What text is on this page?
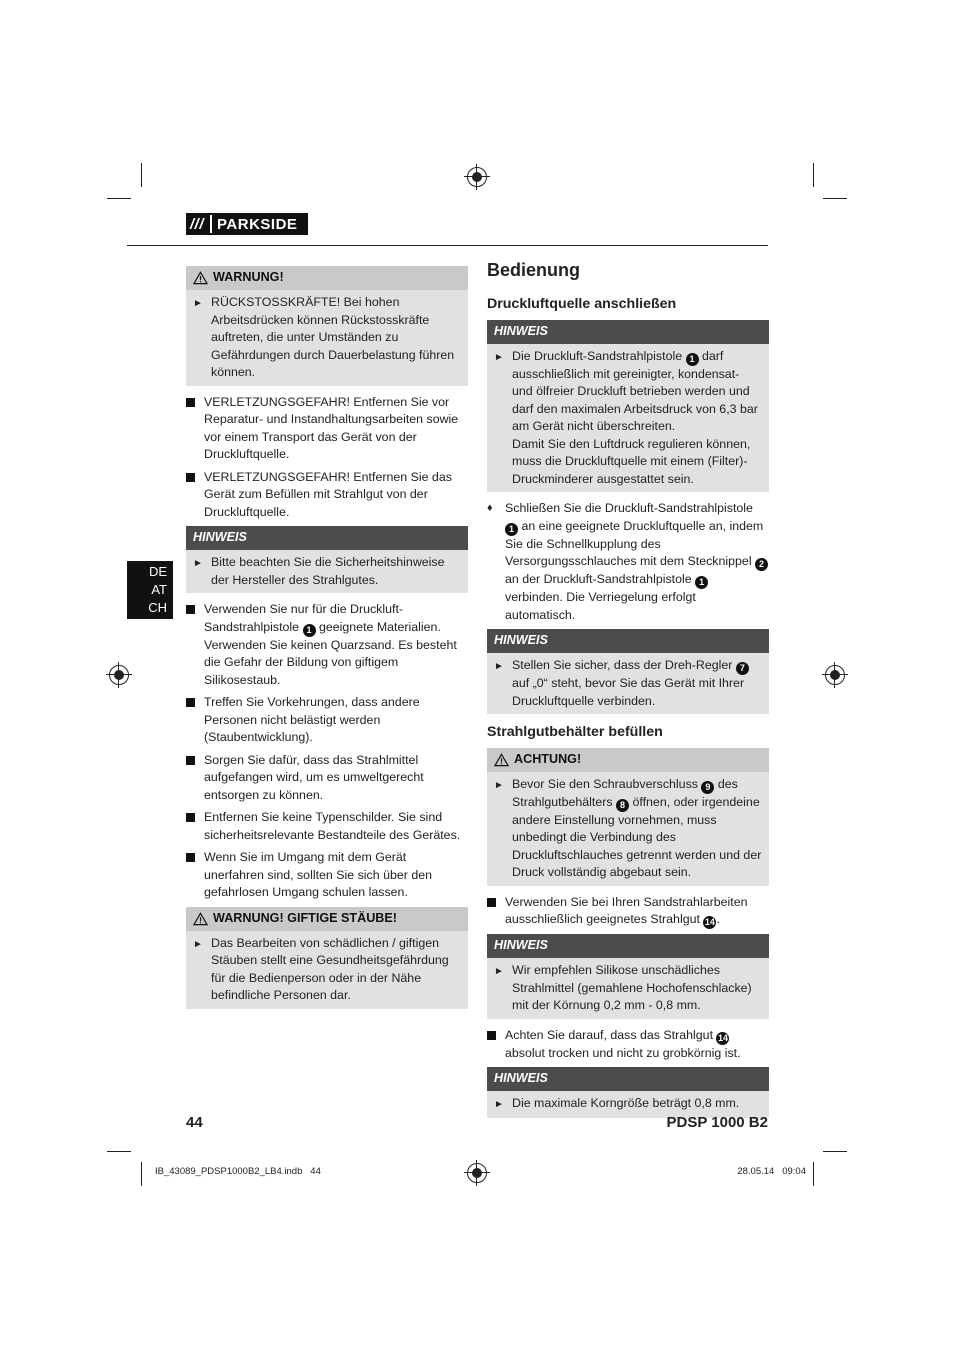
/// PARKSIDE
DE
AT
CH
WARNUNG!
► RÜCKSTOSSKRÄFTE! Bei hohen Arbeitsdrücken können Rückstosskräfte auftreten, die unter Umständen zu Gefährdungen durch Dauerbelastung führen können.
VERLETZUNGSGEFAHR! Entfernen Sie vor Reparatur- und Instandhaltungsarbeiten sowie vor einem Transport das Gerät von der Druckluftquelle.
VERLETZUNGSGEFAHR! Entfernen Sie das Gerät zum Befüllen mit Strahlgut von der Druckluftquelle.
HINWEIS
► Bitte beachten Sie die Sicherheitshinweise der Hersteller des Strahlgutes.
Verwenden Sie nur für die Druckluft-Sandstrahlpistole 1 geeignete Materialien. Verwenden Sie keinen Quarzsand. Es besteht die Gefahr der Bildung von giftigem Silikosestaub.
Treffen Sie Vorkehrungen, dass andere Personen nicht belästigt werden (Staubentwicklung).
Sorgen Sie dafür, dass das Strahlmittel aufgefangen wird, um es umweltgerecht entsorgen zu können.
Entfernen Sie keine Typenschilder. Sie sind sicherheitsrelevante Bestandteile des Gerätes.
Wenn Sie im Umgang mit dem Gerät unerfahren sind, sollten Sie sich über den gefahrlosen Umgang schulen lassen.
WARNUNG! GIFTIGE STÄUBE!
► Das Bearbeiten von schädlichen / giftigen Stäuben stellt eine Gesundheitsgefährdung für die Bedienperson oder in der Nähe befindliche Personen dar.
Bedienung
Druckluftquelle anschließen
HINWEIS
► Die Druckluft-Sandstrahlpistole 1 darf ausschließlich mit gereinigter, kondensat- und ölfreier Druckluft betrieben werden und darf den maximalen Arbeitsdruck von 6,3 bar am Gerät nicht überschreiten.
Damit Sie den Luftdruck regulieren können, muss die Druckluftquelle mit einem (Filter)-Druckminderer ausgestattet sein.
♦ Schließen Sie die Druckluft-Sandstrahlpistole 1 an eine geeignete Druckluftquelle an, indem Sie die Schnellkupplung des Versorgungsschlauches mit dem Stecknippel 2 an der Druckluft-Sandstrahlpistole 1 verbinden. Die Verriegelung erfolgt automatisch.
HINWEIS
► Stellen Sie sicher, dass der Dreh-Regler 7 auf „0“ steht, bevor Sie das Gerät mit Ihrer Druckluftquelle verbinden.
Strahlgutbehälter befüllen
ACHTUNG!
► Bevor Sie den Schraubverschluss 9 des Strahlgutbehälters 8 öffnen, oder irgendeine andere Einstellung vornehmen, muss unbedingt die Verbindung des Druckluftschlauches getrennt werden und der Druck vollständig abgebaut sein.
Verwenden Sie bei Ihren Sandstrahlarbeiten ausschließlich geeignetes Strahlgut 14 .
HINWEIS
► Wir empfehlen Silikose unschädliches Strahlmittel (gemahlene Hochofenschlacke) mit der Körnung 0,2 mm - 0,8 mm.
Achten Sie darauf, dass das Strahlgut 14 absolut trocken und nicht zu grobkörnig ist.
HINWEIS
► Die maximale Korngröße beträgt 0,8 mm.
44	PDSP 1000 B2
IB_43089_PDSP1000B2_LB4.indb   44	28.05.14   09:04
